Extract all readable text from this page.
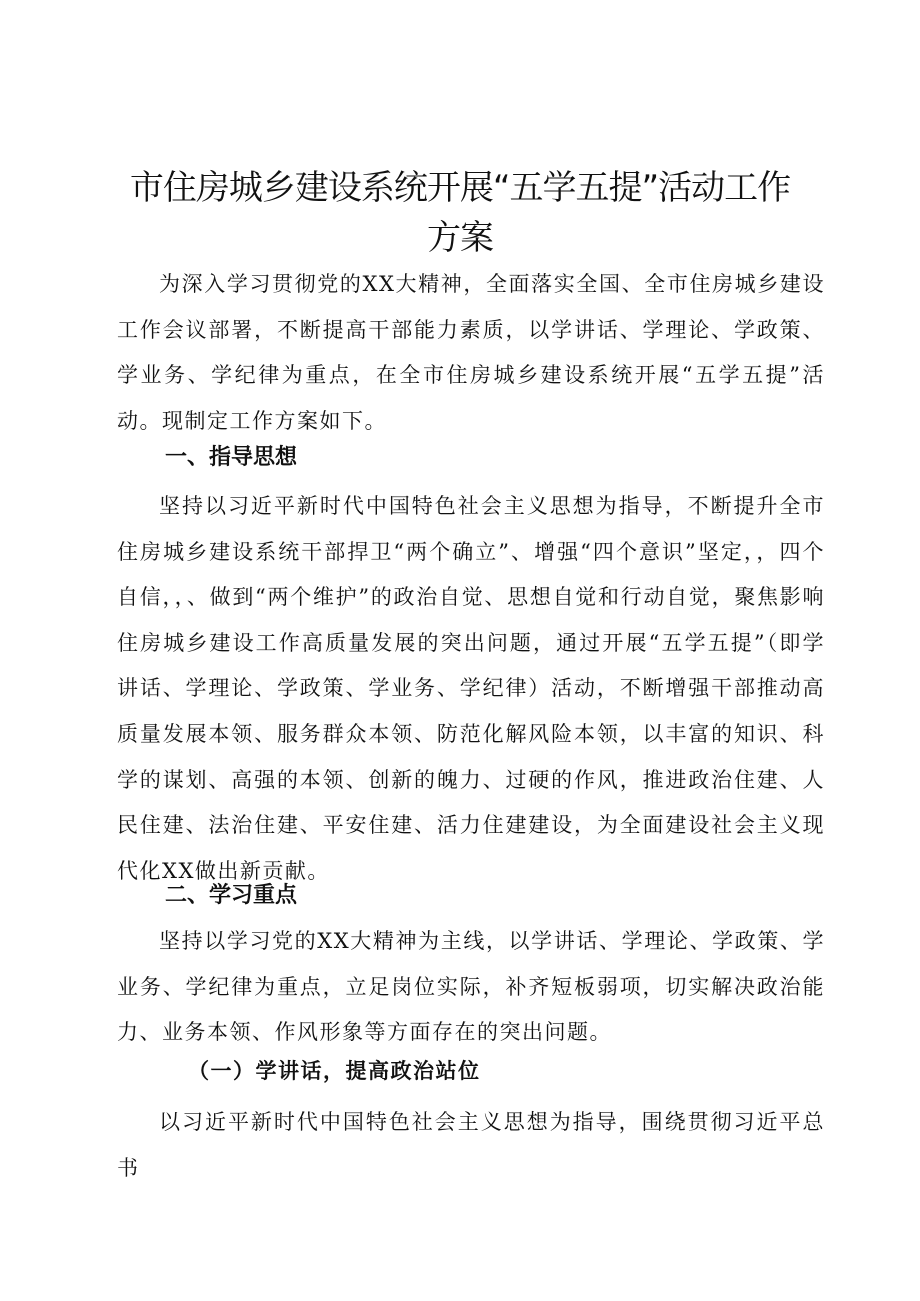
市住房城乡建设系统开展“五学五提”活动工作
方案

为深入学习贯彻党的XX大精神，全面落实全国、全市住房城乡建设工作会议部署，不断提高干部能力素质，以学讲话、学理论、学政策、学业务、学纪律为重点，在全市住房城乡建设系统开展“五学五提”活动。现制定工作方案如下。

一、指导思想

坚持以习近平新时代中国特色社会主义思想为指导，不断提升全市住房城乡建设系统干部捍卫“两个确立”、增强“四个意识”坚定，，四个自信，，、做到“两个维护”的政治自觉、思想自觉和行动自觉，聚焦影响住房城乡建设工作高质量发展的突出问题，通过开展“五学五提”（即学讲话、学理论、学政策、学业务、学纪律）活动，不断增强干部推动高质量发展本领、服务群众本领、防范化解风险本领，以丰富的知识、科学的谋划、高强的本领、创新的魄力、过硬的作风，推进政治住建、人民住建、法治住建、平安住建、活力住建建设，为全面建设社会主义现代化XX做出新贡献。

二、学习重点

坚持以学习党的XX大精神为主线，以学讲话、学理论、学政策、学业务、学纪律为重点，立足岗位实际，补齐短板弱项，切实解决政治能力、业务本领、作风形象等方面存在的突出问题。

（一）学讲话，提高政治站位

以习近平新时代中国特色社会主义思想为指导，围绕贯彻习近平总书
